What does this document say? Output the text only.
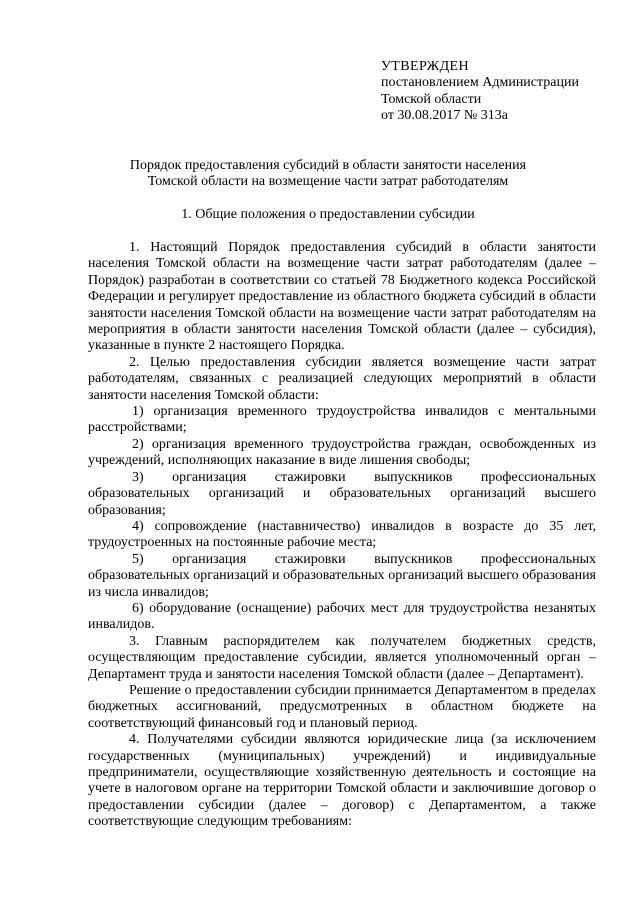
УТВЕРЖДЕН
постановлением Администрации
Томской области
от 30.08.2017 № 313а
Порядок предоставления субсидий в области занятости населения
Томской области на возмещение части затрат работодателям
1. Общие положения о предоставлении субсидии

1. Настоящий Порядок предоставления субсидий в области занятости населения Томской области на возмещение части затрат работодателям (далее – Порядок) разработан в соответствии со статьей 78 Бюджетного кодекса Российской Федерации и регулирует предоставление из областного бюджета субсидий в области занятости населения Томской области на возмещение части затрат работодателям на мероприятия в области занятости населения Томской области (далее – субсидия), указанные в пункте 2 настоящего Порядка.

2. Целью предоставления субсидии является возмещение части затрат работодателям, связанных с реализацией следующих мероприятий в области занятости населения Томской области:

1) организация временного трудоустройства инвалидов с ментальными расстройствами;

2) организация временного трудоустройства граждан, освобожденных из учреждений, исполняющих наказание в виде лишения свободы;

3) организация стажировки выпускников профессиональных образовательных организаций и образовательных организаций высшего образования;

4) сопровождение (наставничество) инвалидов в возрасте до 35 лет, трудоустроенных на постоянные рабочие места;

5) организация стажировки выпускников профессиональных образовательных организаций и образовательных организаций высшего образования из числа инвалидов;

6) оборудование (оснащение) рабочих мест для трудоустройства незанятых инвалидов.

3. Главным распорядителем как получателем бюджетных средств, осуществляющим предоставление субсидии, является уполномоченный орган – Департамент труда и занятости населения Томской области (далее – Департамент).

Решение о предоставлении субсидии принимается Департаментом в пределах бюджетных ассигнований, предусмотренных в областном бюджете на соответствующий финансовый год и плановый период.

4. Получателями субсидии являются юридические лица (за исключением государственных (муниципальных) учреждений) и индивидуальные предприниматели, осуществляющие хозяйственную деятельность и состоящие на учете в налоговом органе на территории Томской области и заключившие договор о предоставлении субсидии (далее – договор) с Департаментом, а также соответствующие следующим требованиям:
